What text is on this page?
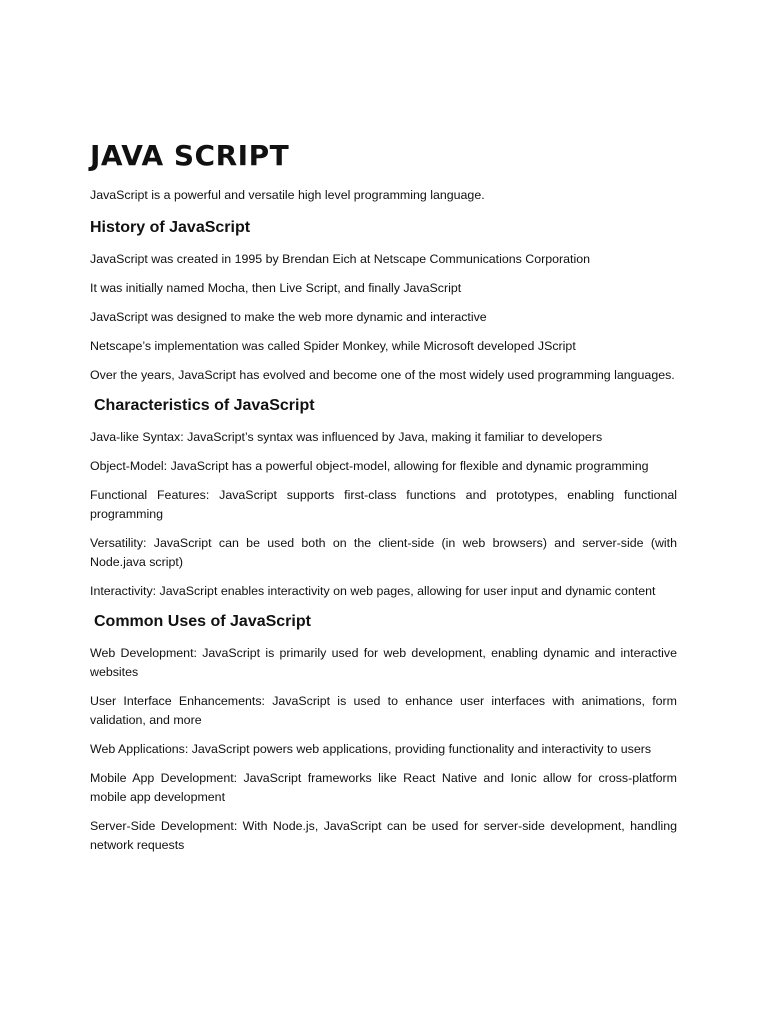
JAVA SCRIPT

JavaScript is a powerful and versatile high level programming language.

History of JavaScript

JavaScript was created in 1995 by Brendan Eich at Netscape Communications Corporation

It was initially named Mocha, then Live Script, and finally JavaScript

JavaScript was designed to make the web more dynamic and interactive

Netscape’s implementation was called Spider Monkey, while Microsoft developed JScript

Over the years, JavaScript has evolved and become one of the most widely used programming languages.

Characteristics of JavaScript

Java-like Syntax: JavaScript’s syntax was influenced by Java, making it familiar to developers

Object-Model: JavaScript has a powerful object-model, allowing for flexible and dynamic programming

Functional Features: JavaScript supports first-class functions and prototypes, enabling functional programming

Versatility: JavaScript can be used both on the client-side (in web browsers) and server-side (with Node.java script)

Interactivity: JavaScript enables interactivity on web pages, allowing for user input and dynamic content

Common Uses of JavaScript

Web Development: JavaScript is primarily used for web development, enabling dynamic and interactive websites

User Interface Enhancements: JavaScript is used to enhance user interfaces with animations, form validation, and more

Web Applications: JavaScript powers web applications, providing functionality and interactivity to users

Mobile App Development: JavaScript frameworks like React Native and Ionic allow for cross-platform mobile app development

Server-Side Development: With Node.js, JavaScript can be used for server-side development, handling network requests
